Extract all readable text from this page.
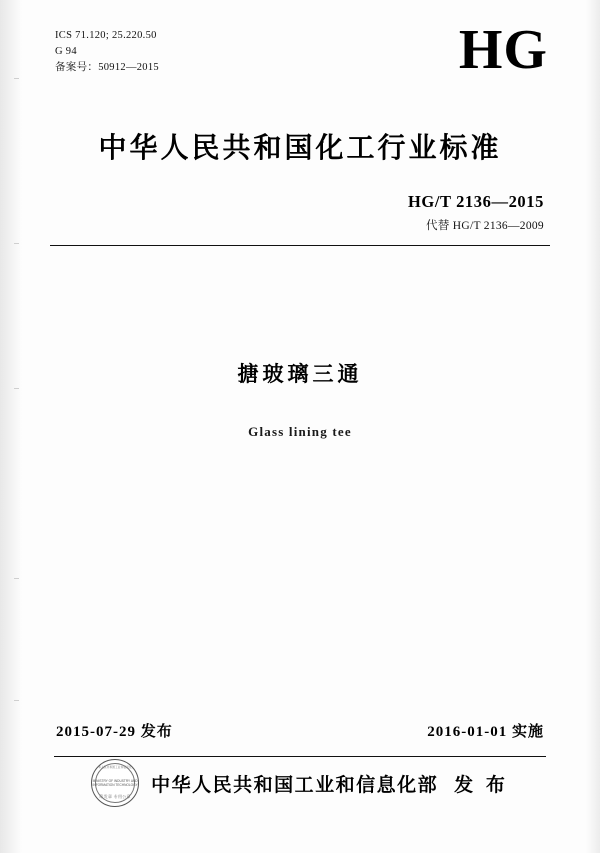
ICS 71.120; 25.220.50
G 94
备案号：50912—2015	HG
中华人民共和国化工行业标准
HG/T 2136—2015
代替 HG/T 2136—2009
搪玻璃三通
Glass lining tee
2015-07-29 发布	2016-01-01 实施
中华人民共和国工业和信息化部
MINISTRY OF INDUSTRY AND INFORMATION TECHNOLOGY
印发章 专用公章
中华人民共和国工业和信息化部 发 布
